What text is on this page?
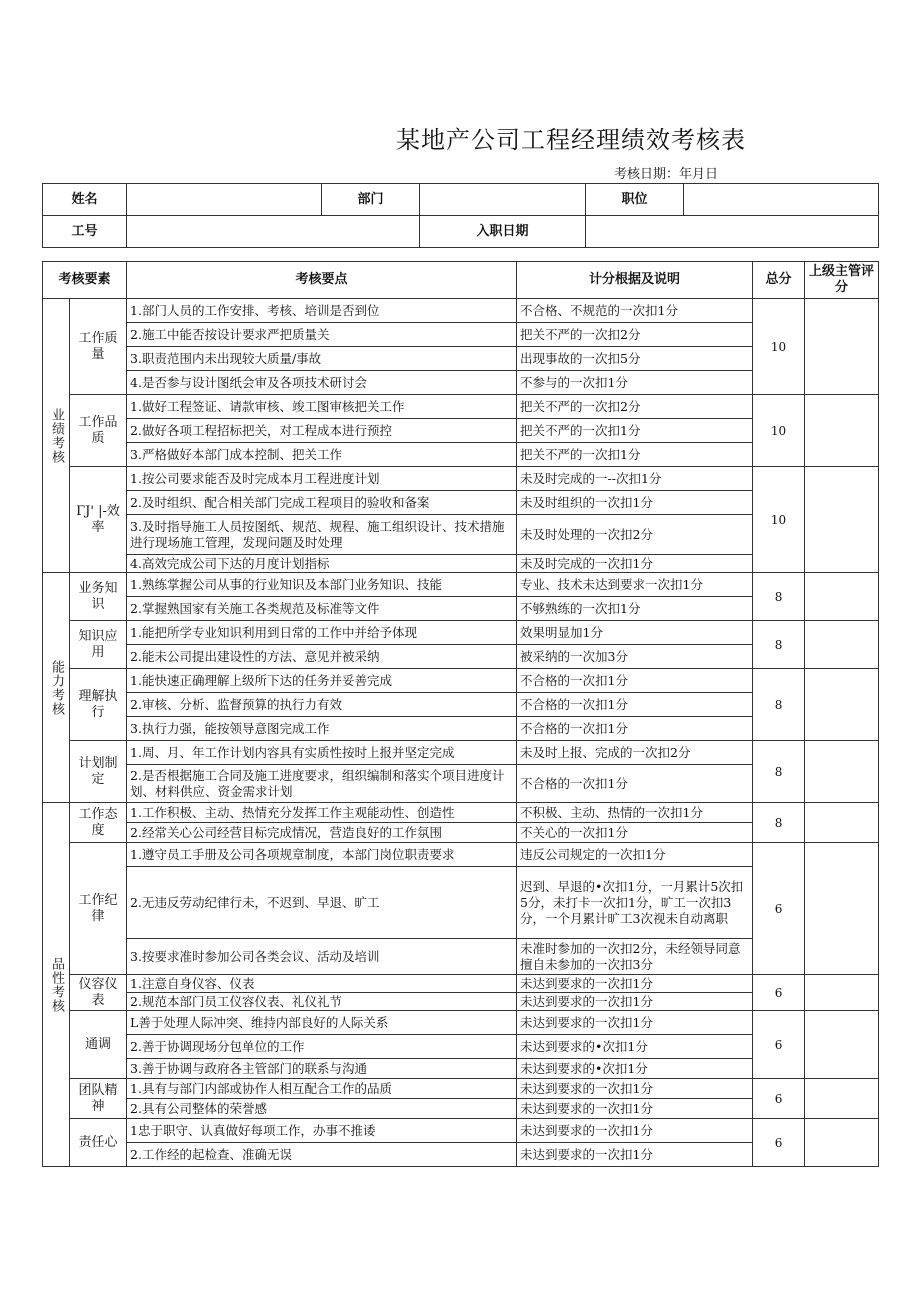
某地产公司工程经理绩效考核表
考核日期：年月日
姓名		部门		职位	
工号			入职日期		
考核要素		考核要点	计分根据及说明	总分	上级主管评分
业绩考核	工作质量	1.部门人员的工作安排、考核、培训是否到位	不合格、不规范的一次扣1分	10	
		2.施工中能否按设计要求严把质量关	把关不严的一次扣2分		
		3.职责范围内未出现较大质量/事故	出现事故的一次扣5分		
		4.是否参与设计图纸会审及各项技术研讨会	不参与的一次扣1分		
	工作品质	1.做好工程签证、请款审核、竣工图审核把关工作	把关不严的一次扣2分	10	
		2.做好各项工程招标把关，对工程成本进行预控	把关不严的一次扣1分		
		3.严格做好本部门成本控制、把关工作	把关不严的一次扣1分		
	ΓJ' |-效率	1.按公司要求能否及时完成本月工程进度计划	未及时完成的一--次扣1分	10	
		2.及时组织、配合相关部门完成工程项目的验收和备案	未及时组织的一次扣1分		
		3.及时指导施工人员按图纸、规范、规程、施工组织设计、技术措施进行现场施工管理，发现问题及时处理	未及时处理的一次扣2分		
		4.高效完成公司下达的月度计划指标	未及时完成的一次扣1分		
能力考核	业务知识	1.熟练掌握公司从事的行业知识及本部门业务知识、技能	专业、技术未达到要求一次扣1分	8	
		2.掌握熟国家有关施工各类规范及标准等文件	不够熟练的一次扣1分		
	知识应用	1.能把所学专业知识利用到日常的工作中并给予体现	效果明显加1分	8	
		2.能未公司提出建设性的方法、意见并被采纳	被采纳的一次加3分		
	理解执行	1.能快速正确理解上级所下达的任务并妥善完成	不合格的一次扣1分	8	
		2.审核、分析、监督预算的执行力有效	不合格的一次扣1分		
		3.执行力强，能按领导意图完成工作	不合格的一次扣1分		
	计划制定	1.周、月、年工作计划内容具有实质性按时上报并坚定完成	未及时上报、完成的一次扣2分	8	
		2.是否根据施工合同及施工进度要求，组织编制和落实个项目进度计划、材料供应、资金需求计划	不合格的一次扣1分		
品性考核	工作态度	1.工作积极、主动、热情充分发挥工作主观能动性、创造性	不积极、主动、热情的一次扣1分	8	
		2.经常关心公司经营目标完成情况，营造良好的工作氛围	不关心的一次扣1分		
	工作纪律	1.遵守员工手册及公司各项规章制度，本部门岗位职责要求	违反公司规定的一次扣1分	6	
		2.无违反劳动纪律行未，不迟到、早退、旷工	迟到、早退的•次扣1分，一月累计5次扣5分，未打卡一次扣1分，旷工一次扣3分，一个月累计旷工3次视未自动离职		
		3.按要求准时参加公司各类会议、活动及培训	未准时参加的一次扣2分，未经领导同意擅自未参加的一次扣3分		
	仪容仪表	1.注意自身仪容、仪表	未达到要求的一次扣1分	6	
		2.规范本部门员工仪容仪表、礼仪礼节	未达到要求的一次扣1分		
	通调	L善于处理人际冲突、维持内部良好的人际关系	未达到要求的一次扣1分	6	
		2.善于协调现场分包单位的工作	未达到要求的•次扣1分		
		3.善于协调与政府各主管部门的联系与沟通	未达到要求的•次扣1分		
	团队精神	1.具有与部门内部或协作人相互配合工作的品质	未达到要求的一次扣1分	6	
		2.具有公司整体的荣誉感	未达到要求的一次扣1分		
	责任心	1忠于职守、认真做好每项工作，办事不推诿	未达到要求的一次扣1分	6	
		2.工作经的起检查、准确无误	未达到要求的一次扣1分		
